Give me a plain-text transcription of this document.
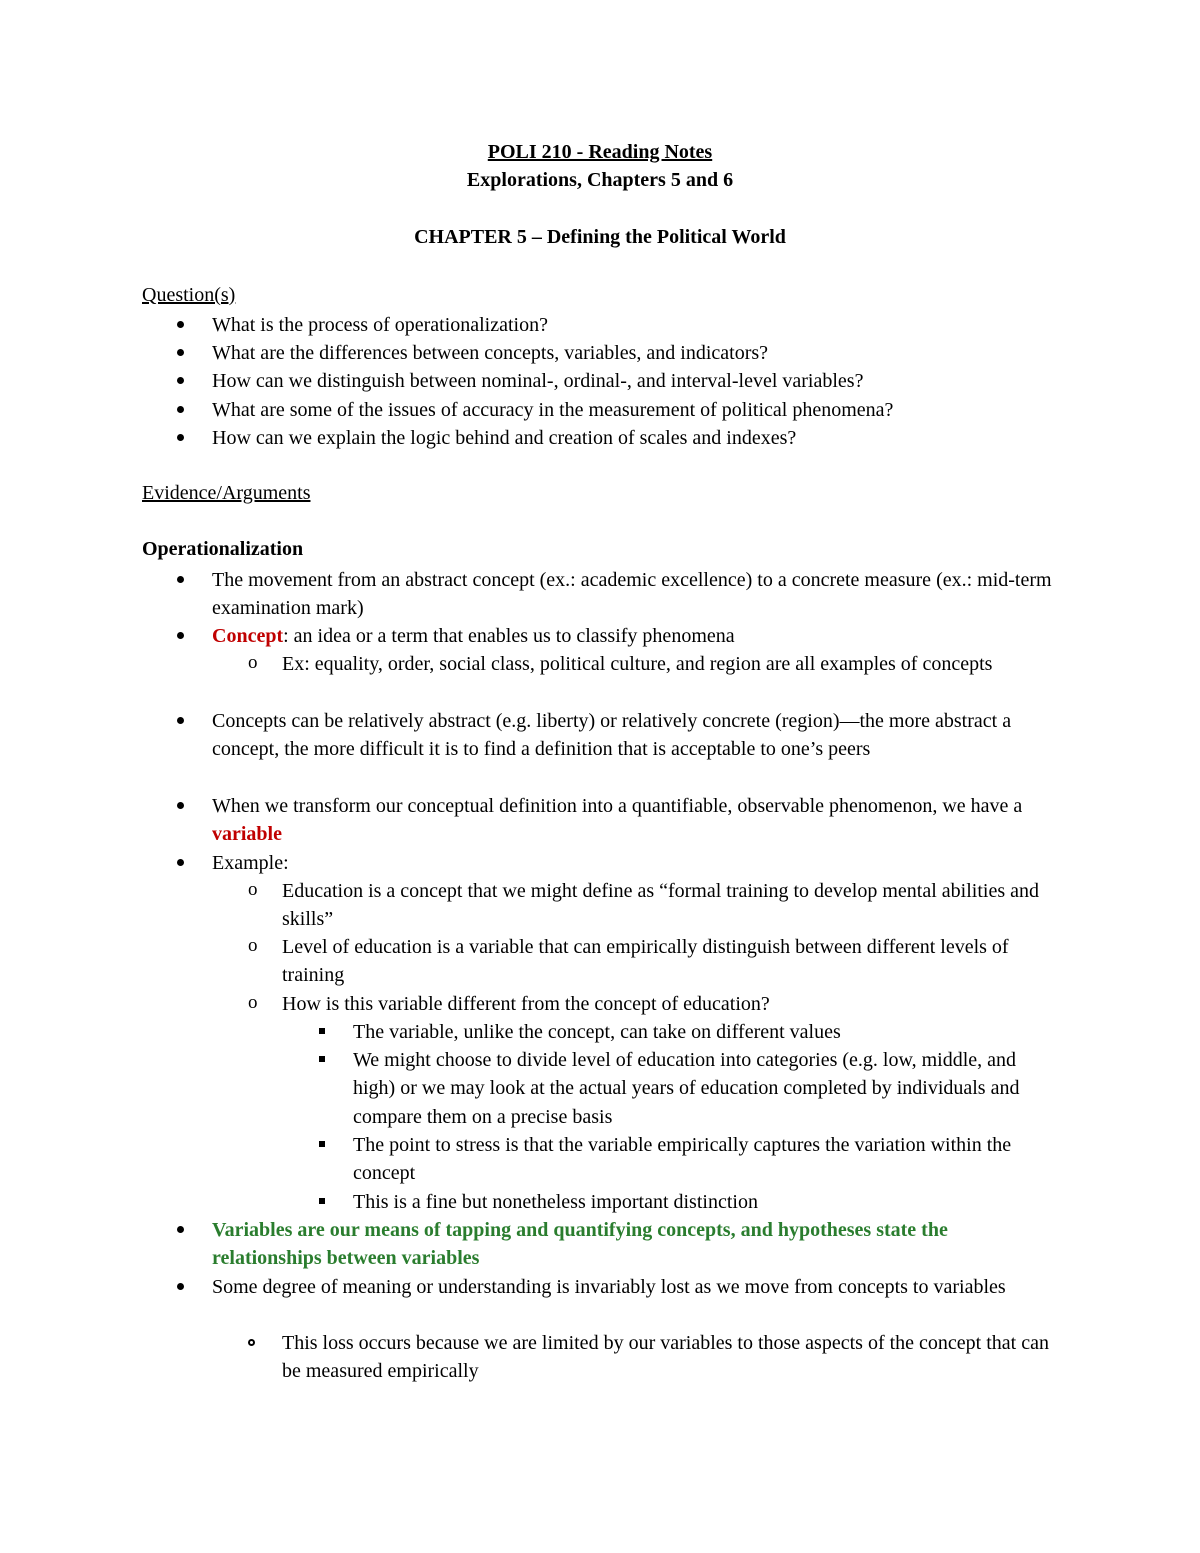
POLI 210 - Reading Notes
Explorations, Chapters 5 and 6
CHAPTER 5 – Defining the Political World
Question(s)
What is the process of operationalization?
What are the differences between concepts, variables, and indicators?
How can we distinguish between nominal-, ordinal-, and interval-level variables?
What are some of the issues of accuracy in the measurement of political phenomena?
How can we explain the logic behind and creation of scales and indexes?
Evidence/Arguments
Operationalization
The movement from an abstract concept (ex.: academic excellence) to a concrete measure (ex.: mid-term examination mark)
Concept: an idea or a term that enables us to classify phenomena
o Ex: equality, order, social class, political culture, and region are all examples of concepts
Concepts can be relatively abstract (e.g. liberty) or relatively concrete (region)—the more abstract a concept, the more difficult it is to find a definition that is acceptable to one’s peers
When we transform our conceptual definition into a quantifiable, observable phenomenon, we have a variable
Example:
o Education is a concept that we might define as “formal training to develop mental abilities and skills”
o Level of education is a variable that can empirically distinguish between different levels of training
o How is this variable different from the concept of education?
The variable, unlike the concept, can take on different values
We might choose to divide level of education into categories (e.g. low, middle, and high) or we may look at the actual years of education completed by individuals and compare them on a precise basis
The point to stress is that the variable empirically captures the variation within the concept
This is a fine but nonetheless important distinction
Variables are our means of tapping and quantifying concepts, and hypotheses state the relationships between variables
Some degree of meaning or understanding is invariably lost as we move from concepts to variables
This loss occurs because we are limited by our variables to those aspects of the concept that can be measured empirically
